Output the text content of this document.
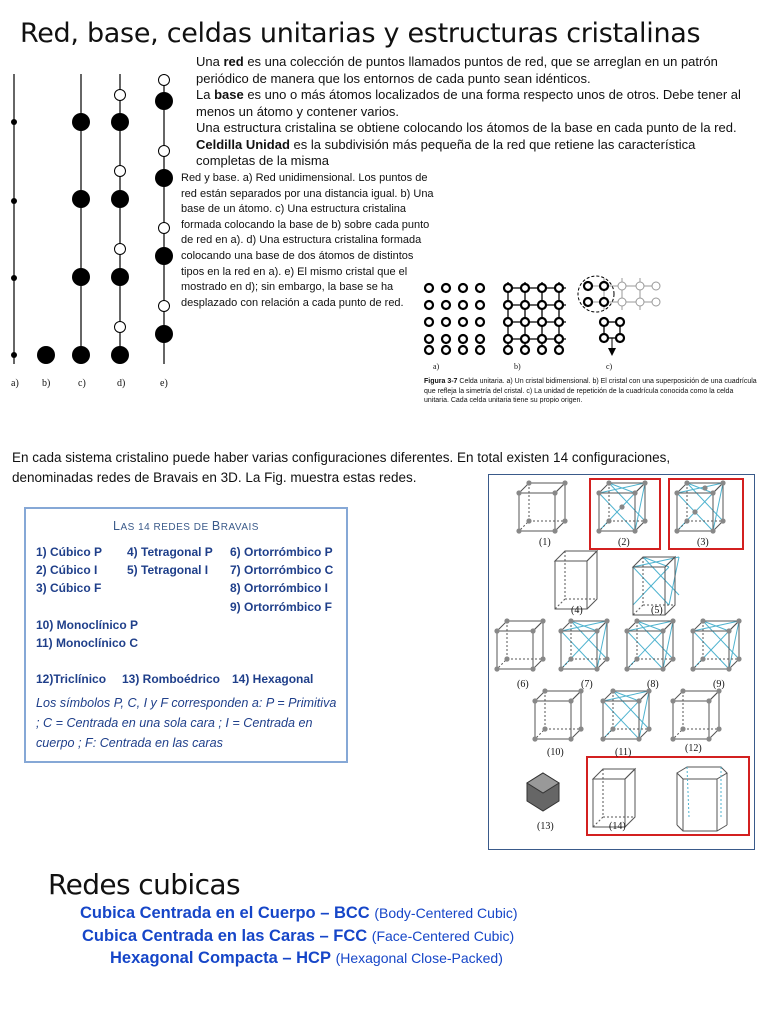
Red, base, celdas unitarias y estructuras cristalinas

Una red es una colección de puntos llamados puntos de red, que se arreglan en un patrón periódico de manera que los entornos de cada punto sean idénticos.

La base es uno o más átomos localizados de una forma respecto unos de otros. Debe tener al menos un átomo y contener varios.

Una estructura cristalina se obtiene colocando los átomos de la base en cada punto de la red.

Celdilla Unidad es la subdivisión más pequeña de la red que retiene las característica completas de la misma

a) b)	c)	d)	e)
Red y base. a) Red unidimensional. Los puntos de red están separados por una distancia igual. b) Una base de un átomo. c) Una estructura cristalina formada colocando la base de b) sobre cada punto de red en a). d) Una estructura cristalina formada colocando una base de dos átomos de distintos tipos en la red en a). e) El mismo cristal que el mostrado en d); sin embargo, la base se ha desplazado con relación a cada punto de red.
a)	b)	c)
Figura 3-7 Celda unitaria. a) Un cristal bidimensional. b) El cristal con una superposición de una cuadrícula que refleja la simetría del cristal. c) La unidad de repetición de la cuadrícula conocida como la celda unitaria. Cada celda unitaria tiene su propio origen.
En cada sistema cristalino puede haber varias configuraciones diferentes. En total existen 14 configuraciones, denominadas redes de Bravais en 3D. La Fig. muestra estas redes.
LAS 14 REDES DE BRAVAIS
1) Cúbico P
2) Cúbico I
3) Cúbico F
4) Tetragonal P
5) Tetragonal I
6) Ortorrómbico P
7) Ortorrómbico C
8) Ortorrómbico I
9) Ortorrómbico F
10) Monoclínico P
11) Monoclínico C
12)Triclínico 13) Romboédrico 14) Hexagonal
Los símbolos P, C, I y F corresponden a: P = Primitiva ; C = Centrada en una sola cara ; I = Centrada en cuerpo ; F: Centrada en las caras
(1)	(2)	(3)
(4)	(5)
(6)	(7)	(8)	(9)
(10)	(11)	(12)
(13)	(14)
Redes cubicas
Cubica Centrada en el Cuerpo – BCC (Body-Centered Cubic)
Cubica Centrada en las Caras – FCC (Face-Centered Cubic)
Hexagonal Compacta – HCP (Hexagonal Close-Packed)
